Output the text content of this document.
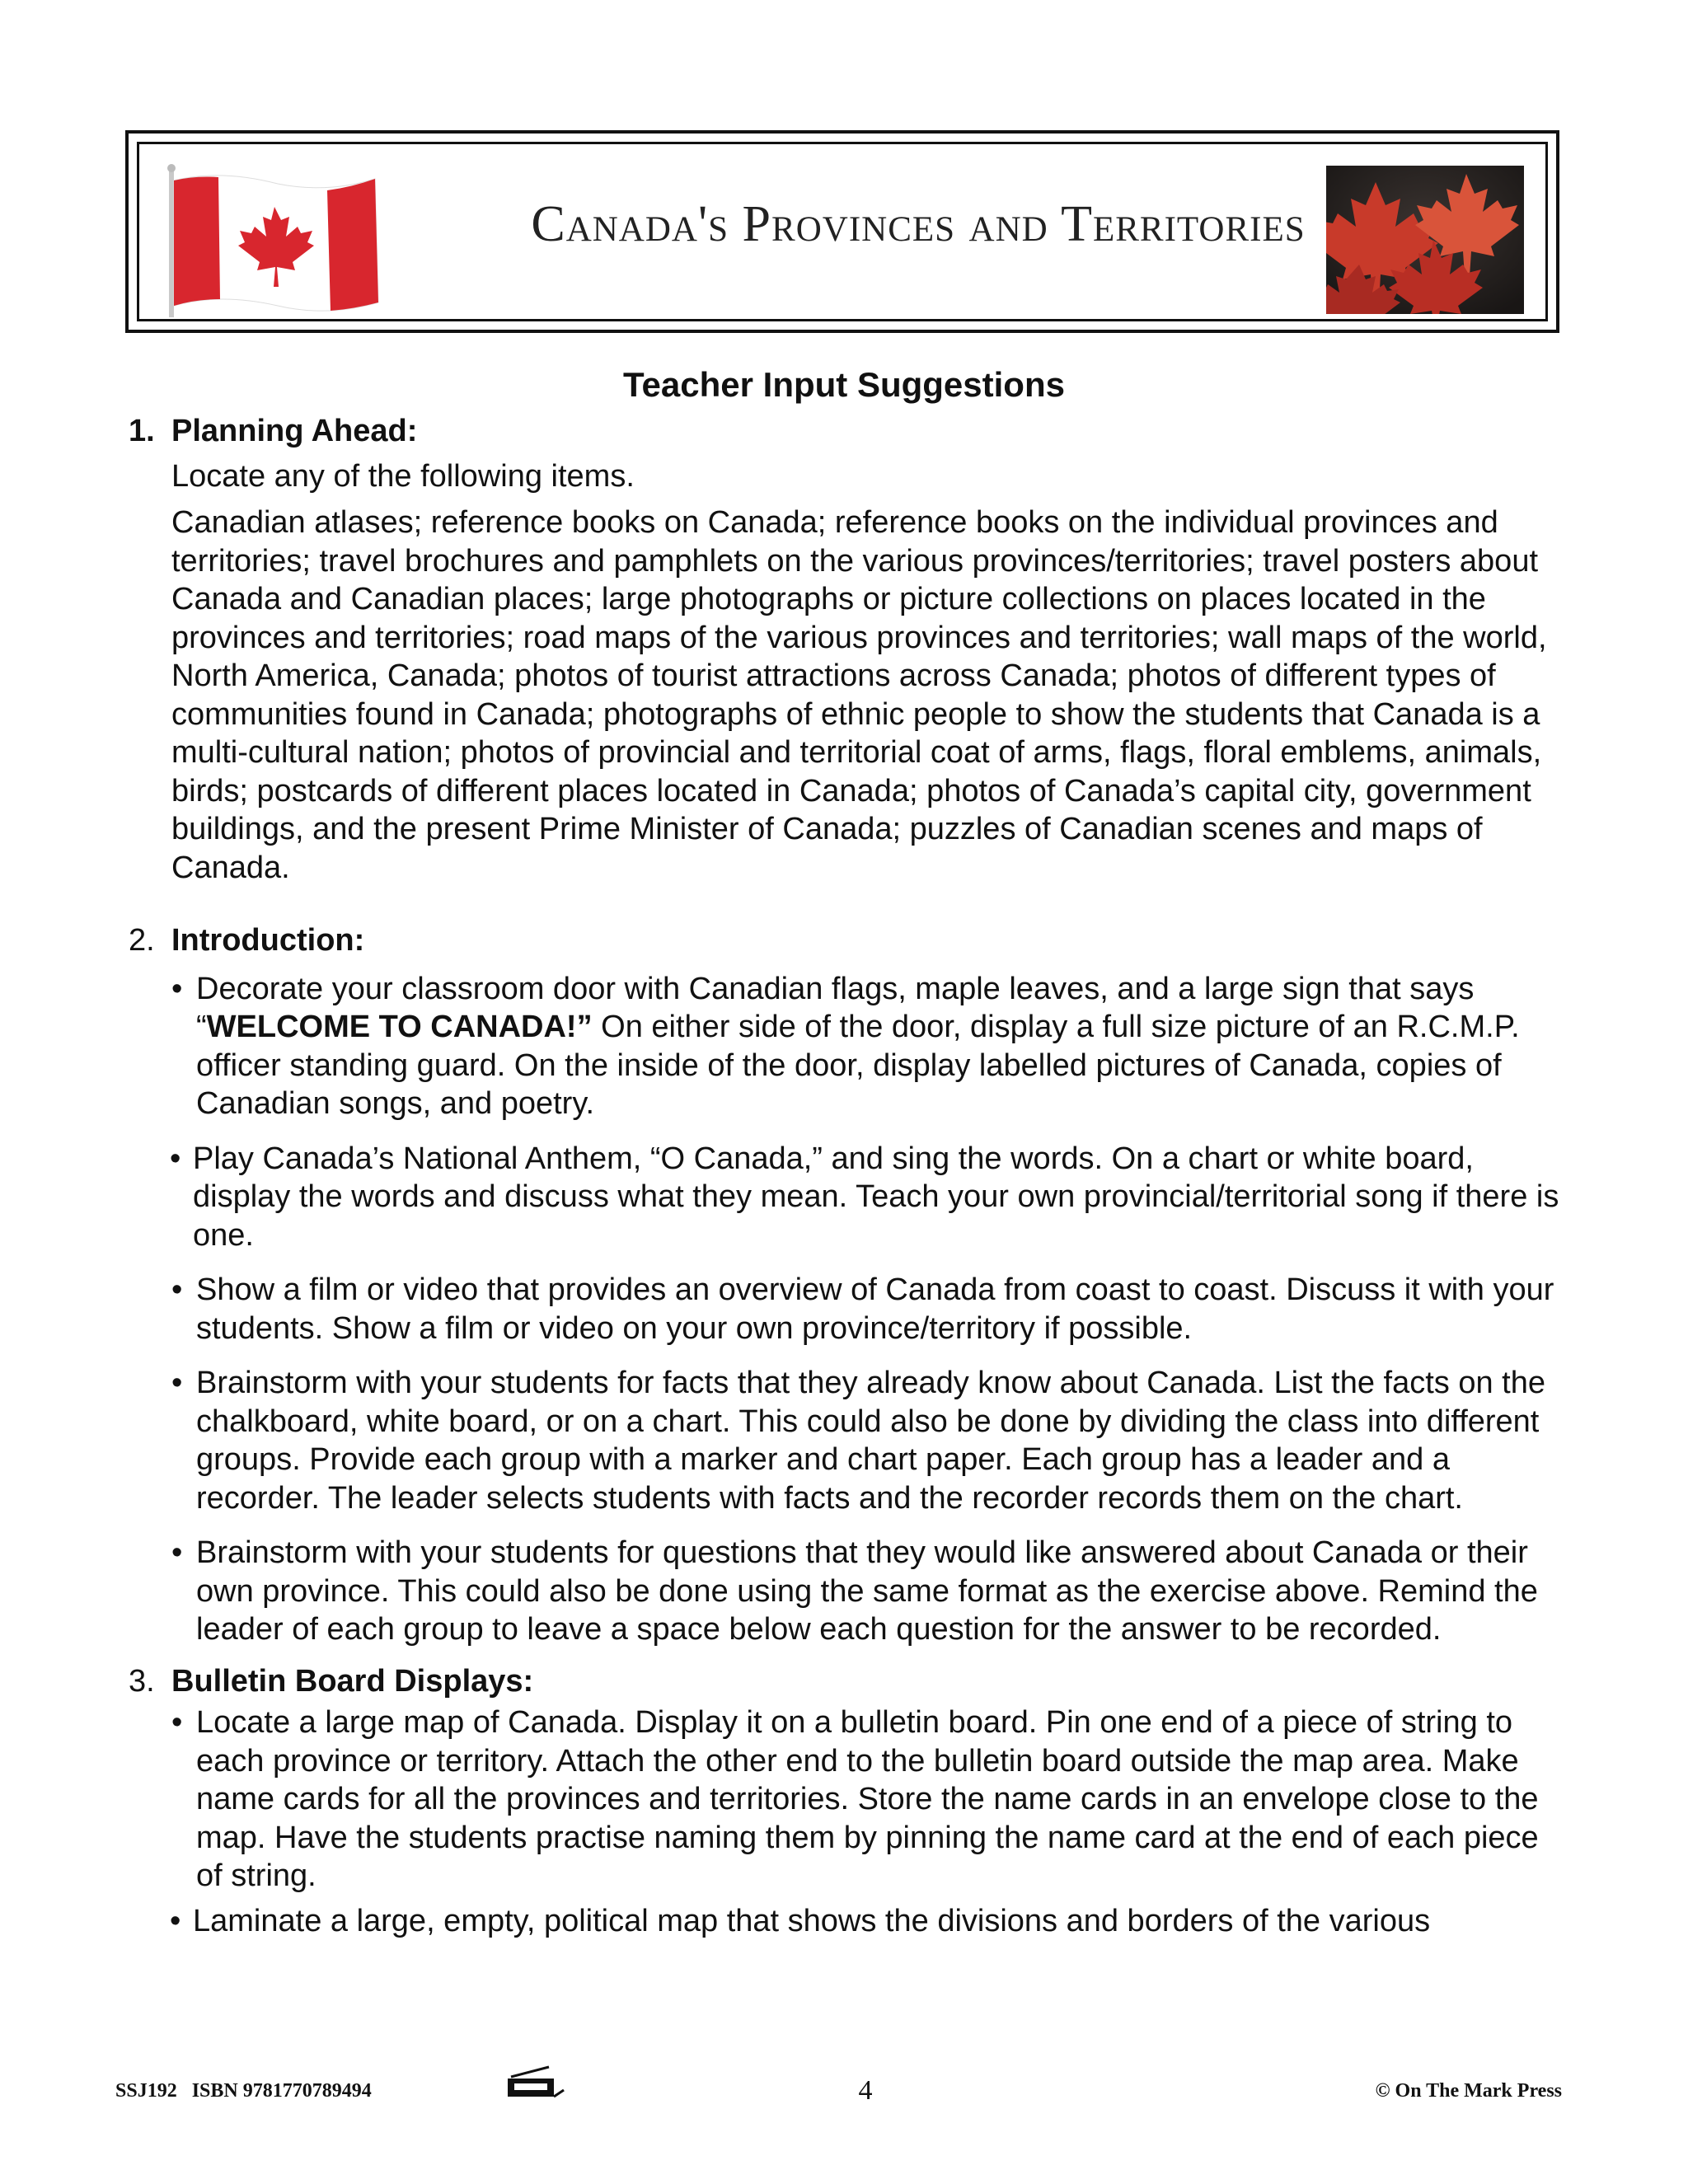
Canada's Provinces and Territories
Teacher Input Suggestions
1. Planning Ahead:
Locate any of the following items.
Canadian atlases; reference books on Canada; reference books on the individual provinces and territories; travel brochures and pamphlets on the various provinces/territories; travel posters about Canada and Canadian places; large photographs or picture collections on places located in the provinces and territories; road maps of the various provinces and territories; wall maps of the world, North America, Canada; photos of tourist attractions across Canada; photos of different types of communities found in Canada; photographs of ethnic people to show the students that Canada is a multi-cultural nation; photos of provincial and territorial coat of arms, flags, floral emblems, animals, birds; postcards of different places located in Canada; photos of Canada’s capital city, government buildings, and the present Prime Minister of Canada; puzzles of Canadian scenes and maps of Canada.
2. Introduction:
• Decorate your classroom door with Canadian flags, maple leaves, and a large sign that says “WELCOME TO CANADA!” On either side of the door, display a full size picture of an R.C.M.P. officer standing guard. On the inside of the door, display labelled pictures of Canada, copies of Canadian songs, and poetry.
• Play Canada’s National Anthem, “O Canada,” and sing the words. On a chart or white board, display the words and discuss what they mean. Teach your own provincial/territorial song if there is one.
• Show a film or video that provides an overview of Canada from coast to coast. Discuss it with your students. Show a film or video on your own province/territory if possible.
• Brainstorm with your students for facts that they already know about Canada. List the facts on the chalkboard, white board, or on a chart. This could also be done by dividing the class into different groups. Provide each group with a marker and chart paper. Each group has a leader and a recorder. The leader selects students with facts and the recorder records them on the chart.
• Brainstorm with your students for questions that they would like answered about Canada or their own province. This could also be done using the same format as the exercise above. Remind the leader of each group to leave a space below each question for the answer to be recorded.
3. Bulletin Board Displays:
• Locate a large map of Canada. Display it on a bulletin board. Pin one end of a piece of string to each province or territory. Attach the other end to the bulletin board outside the map area. Make name cards for all the provinces and territories. Store the name cards in an envelope close to the map. Have the students practise naming them by pinning the name card at the end of each piece of string.
• Laminate a large, empty, political map that shows the divisions and borders of the various
SSJ192   ISBN 9781770789494	4	© On The Mark Press
